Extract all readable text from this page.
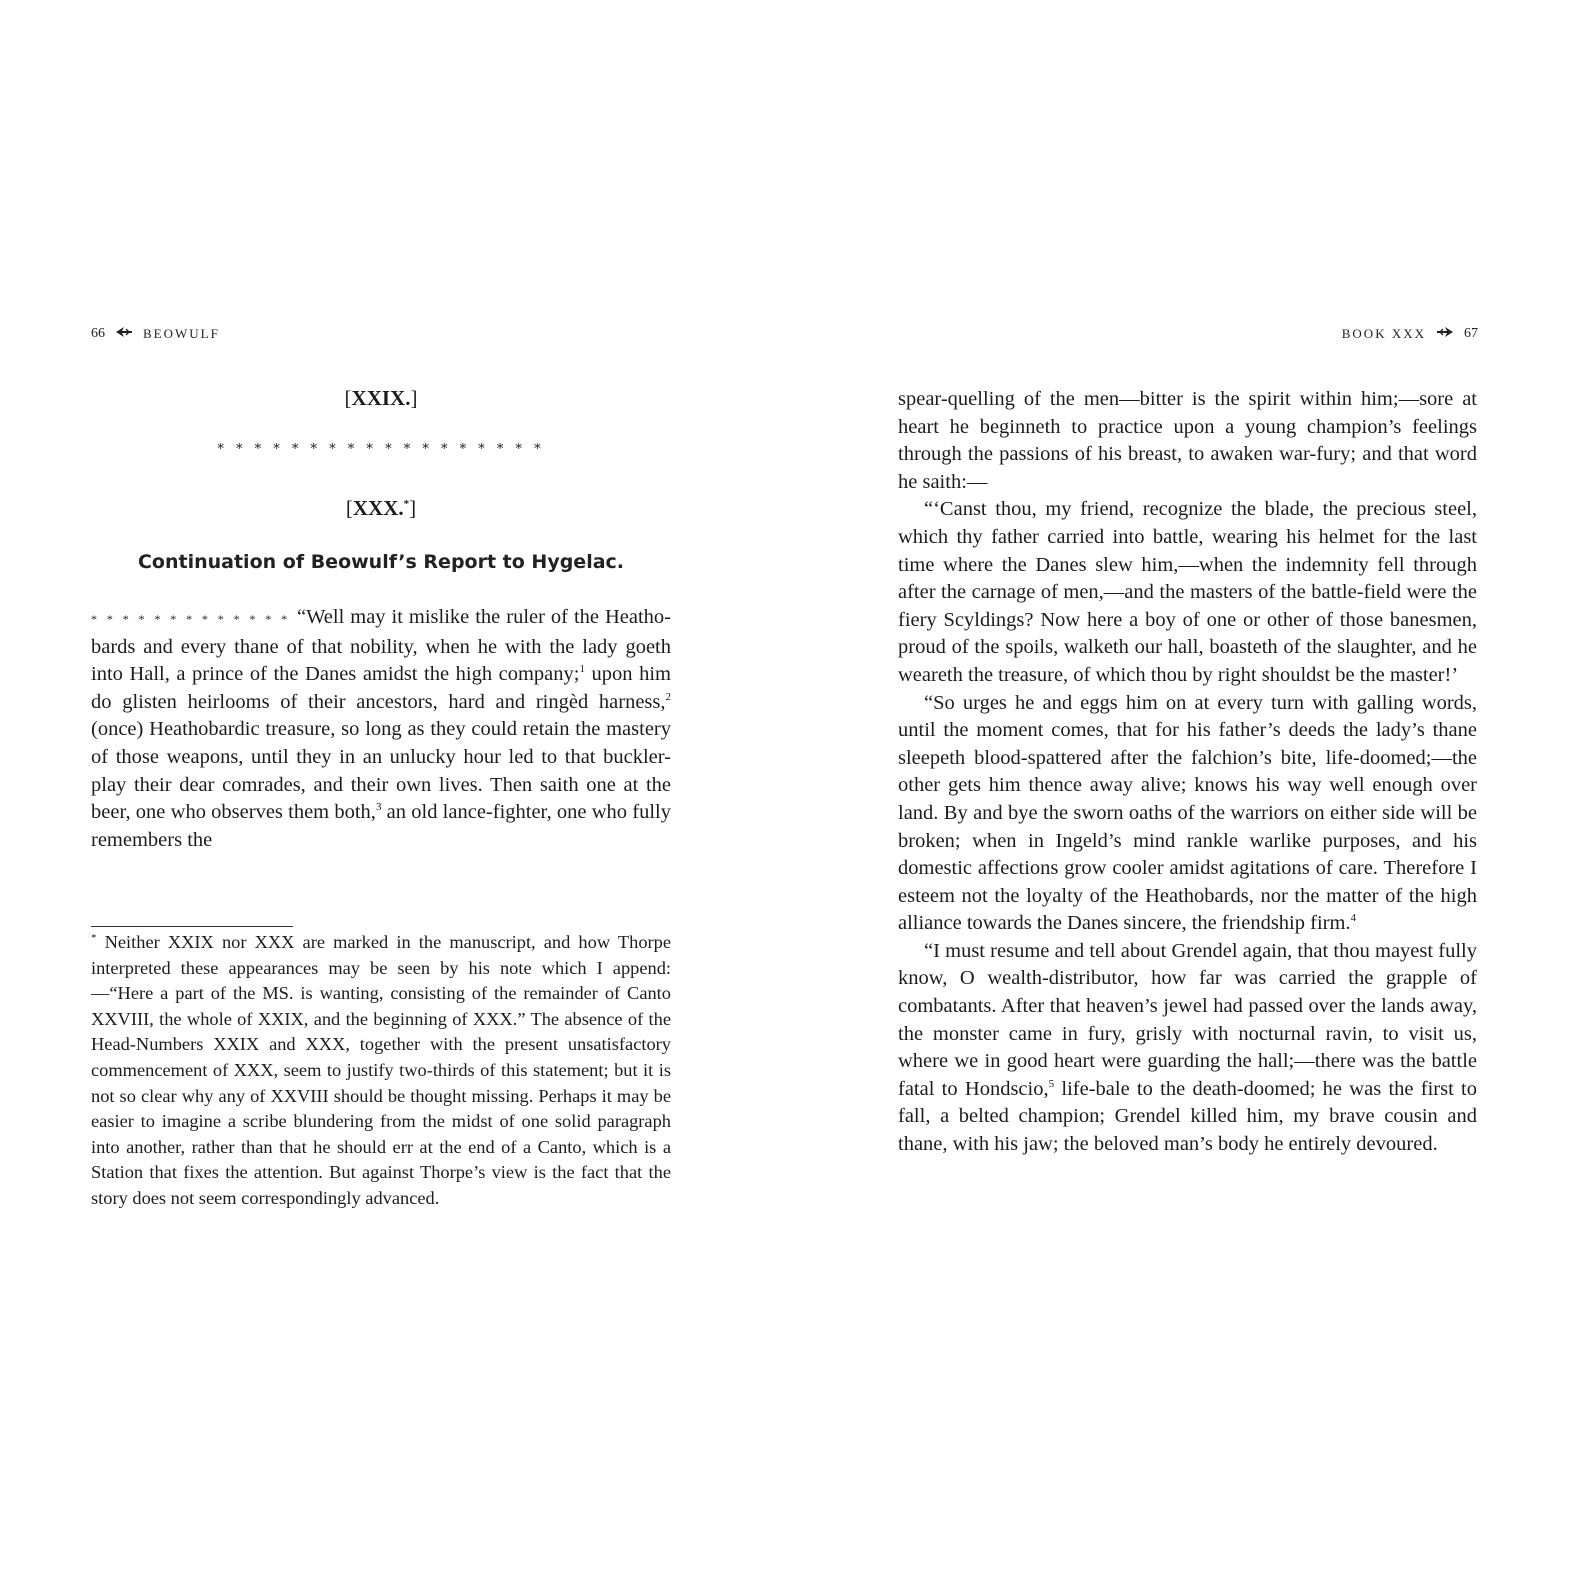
66	BEOWULF
[XXIX.]
* * * * * * * * * * * * * * * * * *
[XXX.*]
Continuation of Beowulf’s Report to Hygelac.

* * * * * * * * * * * * * “Well may it mislike the ruler of the Heatho-bards and every thane of that nobility, when he with the lady goeth into Hall, a prince of the Danes amidst the high company;$^1$ upon him do glisten heirlooms of their ancestors, hard and ringèd harness,$^2$ (once) Heathobardic treasure, so long as they could retain the mastery of those weapons, until they in an unlucky hour led to that buckler-play their dear comrades, and their own lives. Then saith one at the beer, one who observes them both,$^3$ an old lance-fighter, one who fully remembers the

* Neither XXIX nor XXX are marked in the manuscript, and how Thorpe interpreted these appearances may be seen by his note which I append:—“Here a part of the MS. is wanting, consisting of the remainder of Canto XXVIII, the whole of XXIX, and the beginning of XXX.” The absence of the Head-Numbers XXIX and XXX, together with the present unsatisfactory commencement of XXX, seem to justify two-thirds of this statement; but it is not so clear why any of XXVIII should be thought missing. Perhaps it may be easier to imagine a scribe blundering from the midst of one solid paragraph into another, rather than that he should err at the end of a Canto, which is a Station that fixes the attention. But against Thorpe’s view is the fact that the story does not seem correspondingly advanced.

BOOK XXX	67

spear-quelling of the men—bitter is the spirit within him;—sore at heart he beginneth to practice upon a young champion’s feelings through the passions of his breast, to awaken war-fury; and that word he saith:—

“‘Canst thou, my friend, recognize the blade, the precious steel, which thy father carried into battle, wearing his helmet for the last time where the Danes slew him,—when the indemnity fell through after the carnage of men,—and the masters of the battle-field were the fiery Scyldings? Now here a boy of one or other of those banesmen, proud of the spoils, walketh our hall, boasteth of the slaughter, and he weareth the treasure, of which thou by right shouldst be the master!’

“So urges he and eggs him on at every turn with galling words, until the moment comes, that for his father’s deeds the lady’s thane sleepeth blood-spattered after the falchion’s bite, life-doomed;—the other gets him thence away alive; knows his way well enough over land. By and bye the sworn oaths of the warriors on either side will be broken; when in Ingeld’s mind rankle warlike purposes, and his domestic affections grow cooler amidst agitations of care. Therefore I esteem not the loyalty of the Heathobards, nor the matter of the high alliance towards the Danes sincere, the friendship firm.$^4$

“I must resume and tell about Grendel again, that thou mayest fully know, O wealth-distributor, how far was carried the grapple of combatants. After that heaven’s jewel had passed over the lands away, the monster came in fury, grisly with nocturnal ravin, to visit us, where we in good heart were guarding the hall;—there was the battle fatal to Hondscio,$^5$ life-bale to the death-doomed; he was the first to fall, a belted champion; Grendel killed him, my brave cousin and thane, with his jaw; the beloved man’s body he entirely devoured.
